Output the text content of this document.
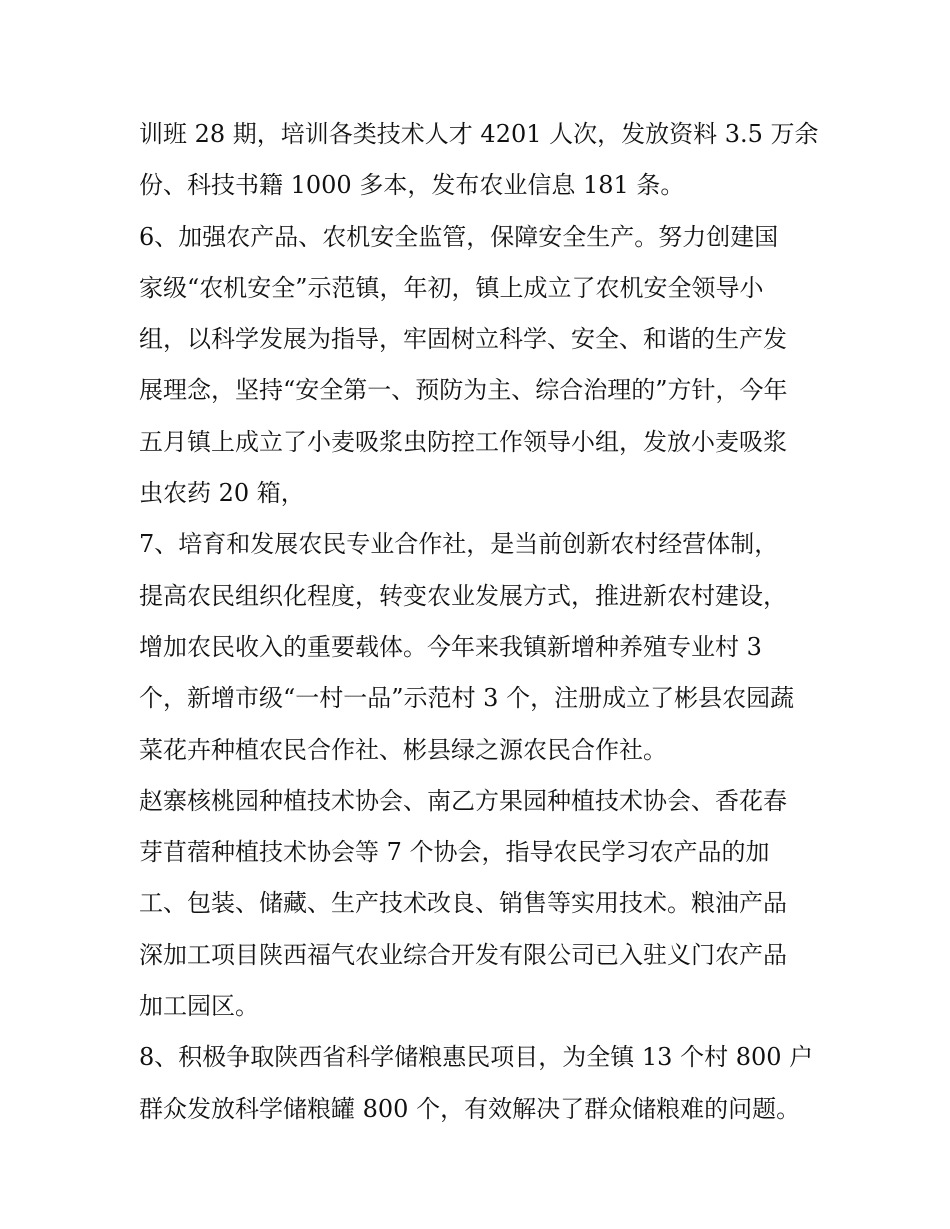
训班 28 期，培训各类技术人才 4201 人次，发放资料 3.5 万余
份、科技书籍 1000 多本，发布农业信息 181 条。
6、加强农产品、农机安全监管，保障安全生产。努力创建国
家级“农机安全”示范镇，年初，镇上成立了农机安全领导小
组，以科学发展为指导，牢固树立科学、安全、和谐的生产发
展理念，坚持“安全第一、预防为主、综合治理的”方针，今年
五月镇上成立了小麦吸浆虫防控工作领导小组，发放小麦吸浆
虫农药 20 箱，
7、培育和发展农民专业合作社，是当前创新农村经营体制，
提高农民组织化程度，转变农业发展方式，推进新农村建设，
增加农民收入的重要载体。今年来我镇新增种养殖专业村 3
个，新增市级“一村一品”示范村 3 个，注册成立了彬县农园蔬
菜花卉种植农民合作社、彬县绿之源农民合作社。
赵寨核桃园种植技术协会、南乙方果园种植技术协会、香花春
芽苜蓿种植技术协会等 7 个协会，指导农民学习农产品的加
工、包装、储藏、生产技术改良、销售等实用技术。粮油产品
深加工项目陕西福气农业综合开发有限公司已入驻义门农产品
加工园区。
8、积极争取陕西省科学储粮惠民项目，为全镇 13 个村 800 户
群众发放科学储粮罐 800 个，有效解决了群众储粮难的问题。
